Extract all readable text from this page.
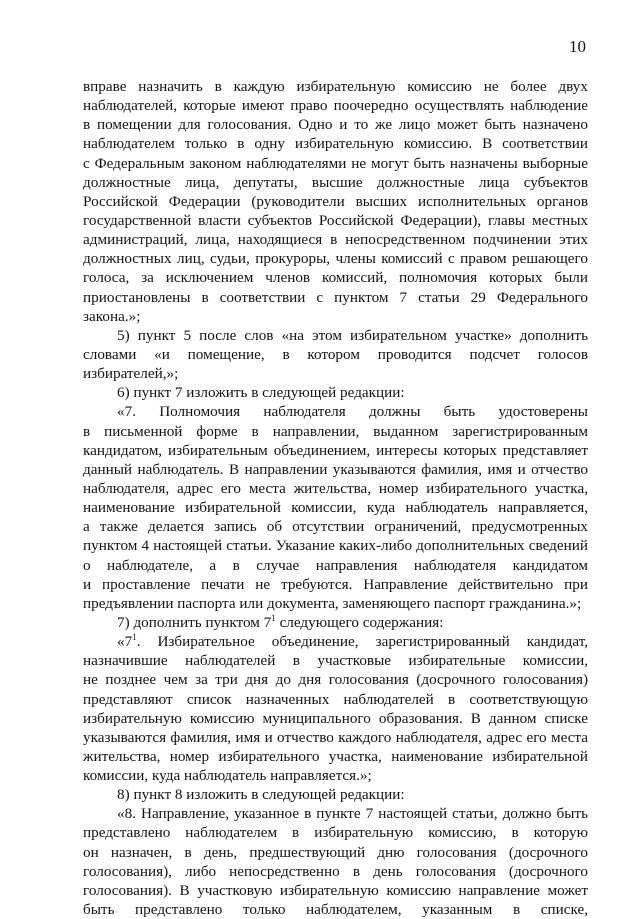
10
вправе назначить в каждую избирательную комиссию не более двух
наблюдателей, которые имеют право поочередно осуществлять наблюдение
в помещении для голосования. Одно и то же лицо может быть назначено
наблюдателем только в одну избирательную комиссию. В соответствии
с Федеральным законом наблюдателями не могут быть назначены выборные
должностные лица, депутаты, высшие должностные лица субъектов
Российской Федерации (руководители высших исполнительных органов
государственной власти субъектов Российской Федерации), главы местных
администраций, лица, находящиеся в непосредственном подчинении этих
должностных лиц, судьи, прокуроры, члены комиссий с правом решающего
голоса, за исключением членов комиссий, полномочия которых были
приостановлены в соответствии с пунктом 7 статьи 29 Федерального
закона.»;
5) пункт 5 после слов «на этом избирательном участке» дополнить
словами «и помещение, в котором проводится подсчет голосов
избирателей,»;
6) пункт 7 изложить в следующей редакции:
«7. Полномочия наблюдателя должны быть удостоверены
в письменной форме в направлении, выданном зарегистрированным
кандидатом, избирательным объединением, интересы которых представляет
данный наблюдатель. В направлении указываются фамилия, имя и отчество
наблюдателя, адрес его места жительства, номер избирательного участка,
наименование избирательной комиссии, куда наблюдатель направляется,
а также делается запись об отсутствии ограничений, предусмотренных
пунктом 4 настоящей статьи. Указание каких-либо дополнительных сведений
о наблюдателе, а в случае направления наблюдателя кандидатом
и проставление печати не требуются. Направление действительно при
предъявлении паспорта или документа, заменяющего паспорт гражданина.»;
7) дополнить пунктом $7^1$ следующего содержания:
«$7^1$. Избирательное объединение, зарегистрированный кандидат,
назначившие наблюдателей в участковые избирательные комиссии,
не позднее чем за три дня до дня голосования (досрочного голосования)
представляют список назначенных наблюдателей в соответствующую
избирательную комиссию муниципального образования. В данном списке
указываются фамилия, имя и отчество каждого наблюдателя, адрес его места
жительства, номер избирательного участка, наименование избирательной
комиссии, куда наблюдатель направляется.»;
8) пункт 8 изложить в следующей редакции:
«8. Направление, указанное в пункте 7 настоящей статьи, должно быть
представлено наблюдателем в избирательную комиссию, в которую
он назначен, в день, предшествующий дню голосования (досрочного
голосования), либо непосредственно в день голосования (досрочного
голосования). В участковую избирательную комиссию направление может
быть представлено только наблюдателем, указанным в списке,
